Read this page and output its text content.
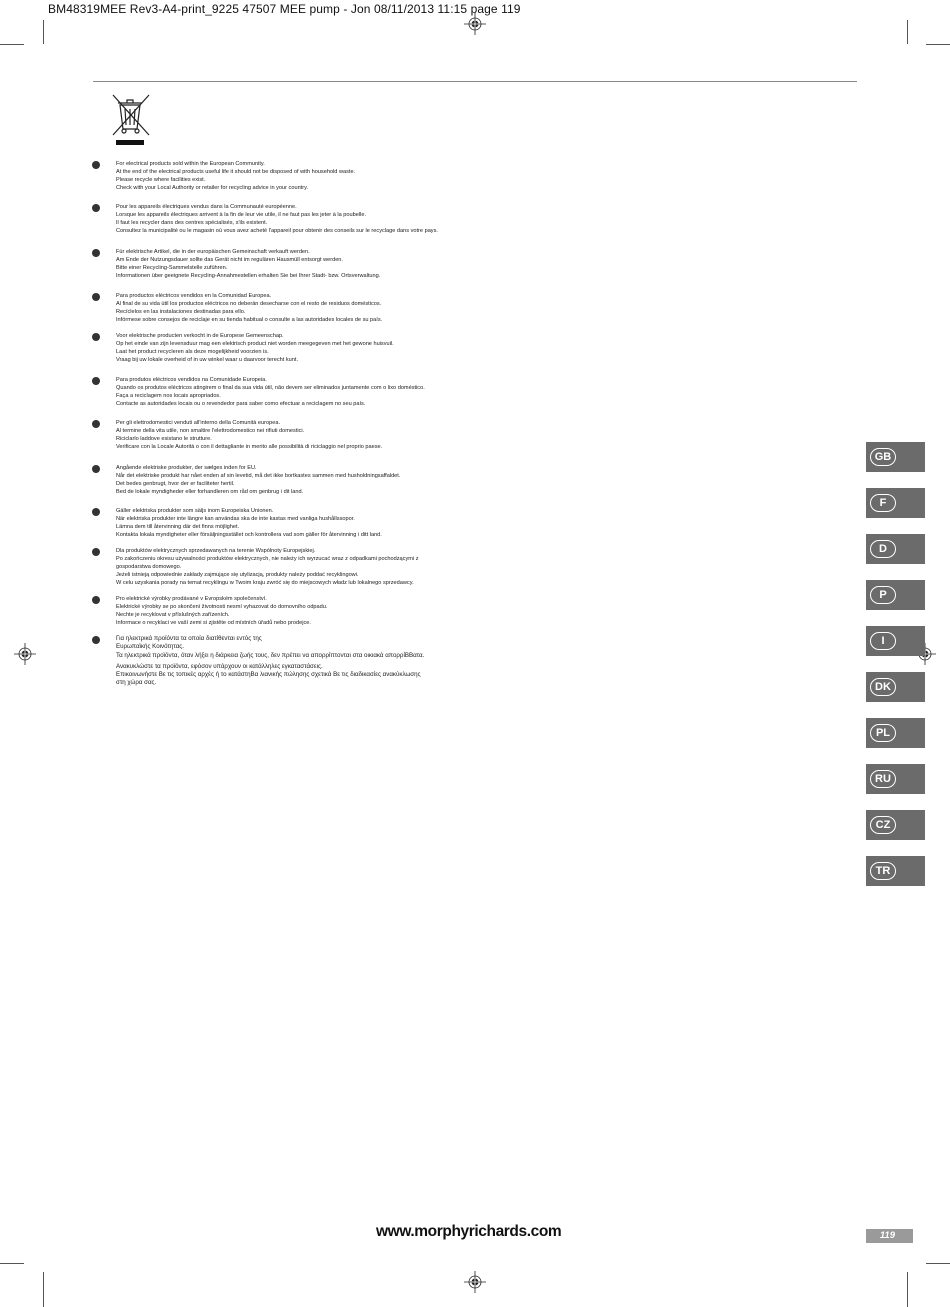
BM48319MEE Rev3-A4-print_9225 47507 MEE pump - Jon 08/11/2013 11:15 page 119
For electrical products sold within the European Community.
At the end of the electrical products useful life it should not be disposed of with household waste.
Please recycle where facilities exist.
Check with your Local Authority or retailer for recycling advice in your country.
Pour les appareils électriques vendus dans la Communauté européenne.
Lorsque les appareils électriques arrivent à la fin de leur vie utile, il ne faut pas les jeter à la poubelle.
Il faut les recycler dans des centres spécialisés, s'ils existent.
Consultez la municipalité ou le magasin où vous avez acheté l'appareil pour obtenir des conseils sur le recyclage dans votre pays.
Für elektrische Artikel, die in der europäischen Gemeinschaft verkauft werden.
Am Ende der Nutzungsdauer sollte das Gerät nicht im regulären Hausmüll entsorgt werden.
Bitte einer Recycling-Sammelstelle zuführen.
Informationen über geeignete Recycling-Annahmestellen erhalten Sie bei Ihrer Stadt- bzw. Ortsverwaltung.
Para productos eléctricos vendidos en la Comunidad Europea.
Al final de su vida útil los productos eléctricos no deberán desecharse con el resto de residuos domésticos.
Recíclelos en las instalaciones destinadas para ello.
Infórmese sobre consejos de reciclaje en su tienda habitual o consulte a las autoridades locales de su país.
Voor elektrische producten verkocht in de Europese Gemeenschap.
Op het einde van zijn levensduur mag een elektrisch product niet worden meegegeven met het gewone huisvuil.
Laat het product recycleren als deze mogelijkheid voorzien is.
Vraag bij uw lokale overheid of in uw winkel waar u daarvoor terecht kunt.
Para produtos eléctricos vendidos na Comunidade Europeia.
Quando os produtos eléctricos atingirem o final da sua vida útil, não devem ser eliminados juntamente com o lixo doméstico.
Faça a reciclagem nos locais apropriados.
Contacte as autoridades locais ou o revendedor para saber como efectuar a reciclagem no seu país.
Per gli elettrodomestici venduti all'interno della Comunità europea.
Al termine della vita utile, non smaltire l'elettrodomestico nei rifiuti domestici.
Riciclarlo laddove esistano le strutture.
Verificare con la Locale Autorità o con il dettagliante in merito alle possibilità di riciclaggio nel proprio paese.
Angående elektriske produkter, der sælges inden for EU.
Når det elektriske produkt har nået enden af sin levetid, må det ikke bortkastes sammen med husholdningsaffaldet.
Det bedes genbrugt, hvor der er faciliteter hertil.
Bed de lokale myndigheder eller forhandleren om råd om genbrug i dit land.
Gäller elektriska produkter som säljs inom Europeiska Unionen.
När elektriska produkter inte längre kan användas ska de inte kastas med vanliga hushållssopor.
Lämna dem till återvinning där det finns möjlighet.
Kontakta lokala myndigheter eller försäljningsstället och kontrollera vad som gäller för återvinning i ditt land.
Dla produktów elektrycznych sprzedawanych na terenie Wspólnoty Europejskiej.
Po zakończeniu okresu używalności produktów elektrycznych, nie należy ich wyrzucać wraz z odpadkami pochodzącymi z
gospodarstwa domowego.
Jeżeli istnieją odpowiednie zakłady zajmujące się utylizacją, produkty należy poddać recyklingowi.
W celu uzyskania porady na temat recyklingu w Twoim kraju zwróć się do miejscowych władz lub lokalnego sprzedawcy.
Pro elektrické výrobky prodávané v Evropském společenství.
Elektrické výrobky se po skončení životnosti nesmí vyhazovat do domovního odpadu.
Nechte je recyklovat v příslušných zařízeních.
Informace o recyklaci ve vaší zemi si zjistěte od místních úřadů nebo prodejce.
Για ηλεκτρικά προϊόντα τα οποία διατίθενται εντός της
Ευρωπαϊκής Κοινότητας.
Τα ηλεκτρικά προϊόντα, όταν λήξει η διάρκεια ζωής τους, δεν πρέπει να απορρίπτονται στα οικιακά απορρίBBατα.
Ανακυκλώστε τα προϊόντα, εφόσον υπάρχουν οι κατάλληλες εγκαταστάσεις.
Επικοινωνήστε Bε τις τοπικές αρχές ή το κατάστηBα λιανικής πώλησης σχετικά Bε τις διαδικασίες ανακύκλωσης
στη χώρα σας.
GB
F
D
P
I
DK
PL
RU
CZ
TR
www.morphyrichards.com	119
